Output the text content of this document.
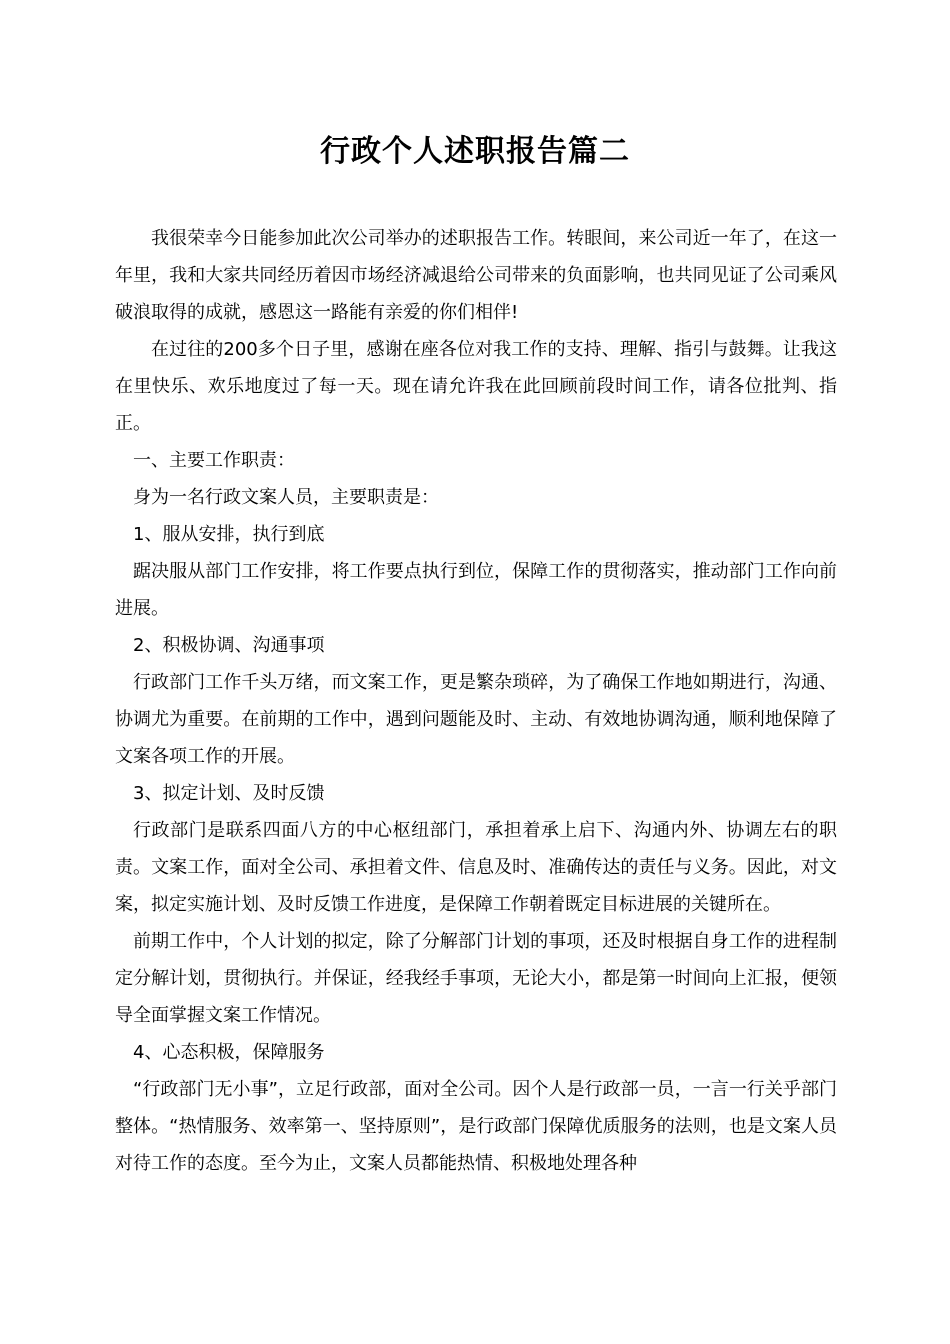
行政个人述职报告篇二

我很荣幸今日能参加此次公司举办的述职报告工作。转眼间，来公司近一年了，在这一年里，我和大家共同经历着因市场经济减退给公司带来的负面影响，也共同见证了公司乘风破浪取得的成就，感恩这一路能有亲爱的你们相伴!

在过往的200多个日子里，感谢在座各位对我工作的支持、理解、指引与鼓舞。让我这在里快乐、欢乐地度过了每一天。现在请允许我在此回顾前段时间工作，请各位批判、指正。

一、主要工作职责：

身为一名行政文案人员，主要职责是：

1、服从安排，执行到底

踞决服从部门工作安排，将工作要点执行到位，保障工作的贯彻落实，推动部门工作向前进展。

2、积极协调、沟通事项

行政部门工作千头万绪，而文案工作，更是繁杂琐碎，为了确保工作地如期进行，沟通、协调尤为重要。在前期的工作中，遇到问题能及时、主动、有效地协调沟通，顺利地保障了文案各项工作的开展。

3、拟定计划、及时反馈

行政部门是联系四面八方的中心枢纽部门，承担着承上启下、沟通内外、协调左右的职责。文案工作，面对全公司、承担着文件、信息及时、准确传达的责任与义务。因此，对文案，拟定实施计划、及时反馈工作进度，是保障工作朝着既定目标进展的关键所在。

前期工作中，个人计划的拟定，除了分解部门计划的事项，还及时根据自身工作的进程制定分解计划，贯彻执行。并保证，经我经手事项，无论大小，都是第一时间向上汇报，便领导全面掌握文案工作情况。

4、心态积极，保障服务

“行政部门无小事”，立足行政部，面对全公司。因个人是行政部一员，一言一行关乎部门整体。“热情服务、效率第一、坚持原则”，是行政部门保障优质服务的法则，也是文案人员对待工作的态度。至今为止，文案人员都能热情、积极地处理各种
